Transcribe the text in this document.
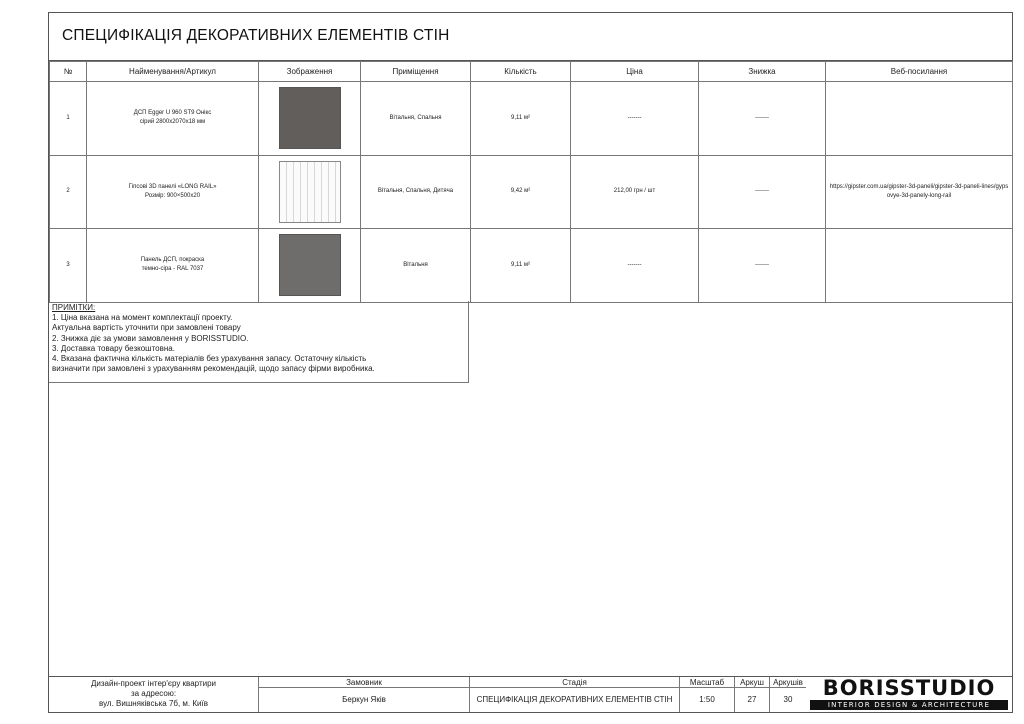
СПЕЦИФІКАЦІЯ ДЕКОРАТИВНИХ ЕЛЕМЕНТІВ СТІН
№	Найменування/Артикул	Зображення	Приміщення	Кількість	Ціна	Знижка	Веб-посилання
1	ДСП Egger U 960 ST9 Онікс
сірий 2800x2070x18 мм		Вітальня, Спальня	9,11 м²	-------	-------	
2	Гіпсові 3D панелі «LONG RAIL»
Розмір: 900×500х20		Вітальня, Спальня, Дитяча	9,42 м²	212,00 грн / шт	-------	https://gipster.com.ua/gipster-3d-paneli/gipster-3d-paneli-lines/gypsovye-3d-panely-long-rail
3	Панель ДСП, покраска
темно-сіра - RAL 7037		Вітальня	9,11 м²	-------	-------	
ПРИМІТКИ:
1. Ціна вказана на момент комплектації проекту.
Актуальна вартість уточнити при замовлені товару
2. Знижка діє за умови замовлення у BORISSTUDIO.
3. Доставка товару безкоштовна.
4. Вказана фактична кількість матеріалів без урахування запасу. Остаточну кількість
визначити при замовлені з урахуванням рекомендацій, щодо запасу фірми виробника.
Дизайн-проект інтер'єру квартири
за адресою:
вул. Вишняківська 7б, м. Київ
Замовник
Беркун Яків
Стадія
СПЕЦИФІКАЦІЯ ДЕКОРАТИВНИХ ЕЛЕМЕНТІВ СТІН
Масштаб
1:50
Аркуш
27
Аркушів
30	BORISSTUDIO
INTERIOR DESIGN & ARCHITECTURE
